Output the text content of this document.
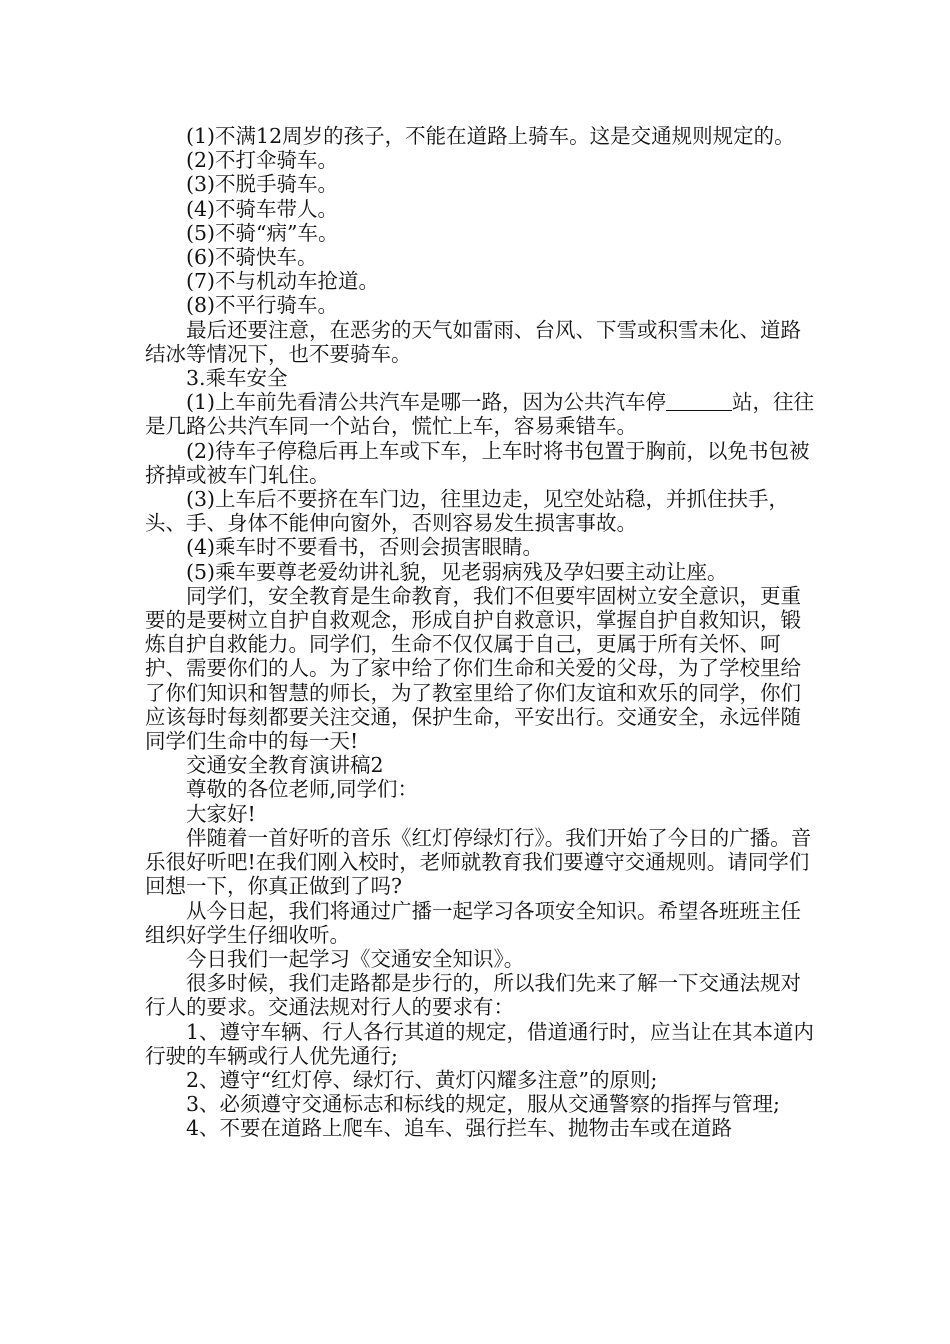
(1)不满12周岁的孩子，不能在道路上骑车。这是交通规则规定的。

(2)不打伞骑车。

(3)不脱手骑车。

(4)不骑车带人。

(5)不骑“病”车。

(6)不骑快车。

(7)不与机动车抢道。

(8)不平行骑车。

最后还要注意，在恶劣的天气如雷雨、台风、下雪或积雪未化、道路结冰等情况下，也不要骑车。

3.乘车安全

(1)上车前先看清公共汽车是哪一路，因为公共汽车停	站，往往是几路公共汽车同一个站台，慌忙上车，容易乘错车。

(2)待车子停稳后再上车或下车，上车时将书包置于胸前，以免书包被挤掉或被车门轧住。

(3)上车后不要挤在车门边，往里边走，见空处站稳，并抓住扶手，头、手、身体不能伸向窗外，否则容易发生损害事故。

(4)乘车时不要看书，否则会损害眼睛。

(5)乘车要尊老爱幼讲礼貌，见老弱病残及孕妇要主动让座。

同学们，安全教育是生命教育，我们不但要牢固树立安全意识，更重要的是要树立自护自救观念，形成自护自救意识，掌握自护自救知识，锻炼自护自救能力。同学们，生命不仅仅属于自己，更属于所有关怀、呵护、需要你们的人。为了家中给了你们生命和关爱的父母，为了学校里给了你们知识和智慧的师长，为了教室里给了你们友谊和欢乐的同学，你们应该每时每刻都要关注交通，保护生命，平安出行。交通安全，永远伴随同学们生命中的每一天!

交通安全教育演讲稿2

尊敬的各位老师,同学们：

大家好!

伴随着一首好听的音乐《红灯停绿灯行》。我们开始了今日的广播。音乐很好听吧!在我们刚入校时，老师就教育我们要遵守交通规则。请同学们回想一下，你真正做到了吗?

从今日起，我们将通过广播一起学习各项安全知识。希望各班班主任组织好学生仔细收听。

今日我们一起学习《交通安全知识》。

很多时候，我们走路都是步行的，所以我们先来了解一下交通法规对行人的要求。交通法规对行人的要求有：

1、遵守车辆、行人各行其道的规定，借道通行时，应当让在其本道内行驶的车辆或行人优先通行;

2、遵守“红灯停、绿灯行、黄灯闪耀多注意”的原则;

3、必须遵守交通标志和标线的规定，服从交通警察的指挥与管理;

4、不要在道路上爬车、追车、强行拦车、抛物击车或在道路
